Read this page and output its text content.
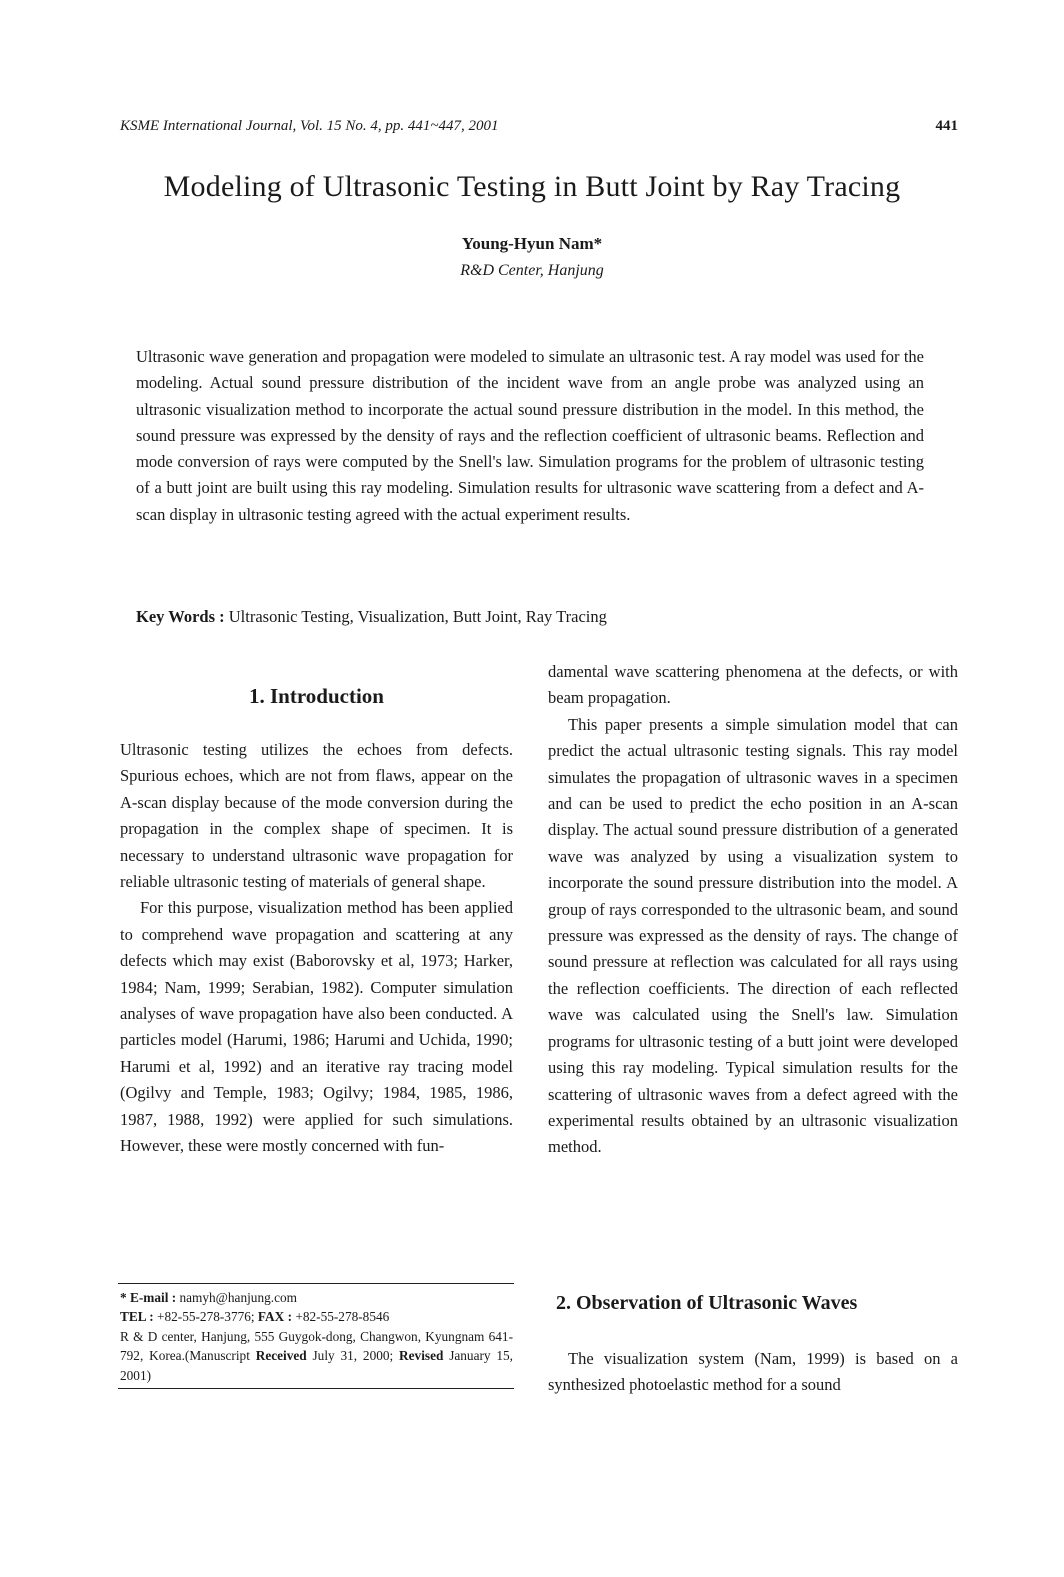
KSME International Journal, Vol. 15 No. 4, pp. 441~447, 2001	441
Modeling of Ultrasonic Testing in Butt Joint by Ray Tracing
Young-Hyun Nam*
R&D Center, Hanjung

Ultrasonic wave generation and propagation were modeled to simulate an ultrasonic test. A ray model was used for the modeling. Actual sound pressure distribution of the incident wave from an angle probe was analyzed using an ultrasonic visualization method to incorporate the actual sound pressure distribution in the model. In this method, the sound pressure was expressed by the density of rays and the reflection coefficient of ultrasonic beams. Reflection and mode conversion of rays were computed by the Snell's law. Simulation programs for the problem of ultrasonic testing of a butt joint are built using this ray modeling. Simulation results for ultrasonic wave scattering from a defect and A-scan display in ultrasonic testing agreed with the actual experiment results.

Key Words : Ultrasonic Testing, Visualization, Butt Joint, Ray Tracing
1. Introduction

Ultrasonic testing utilizes the echoes from defects. Spurious echoes, which are not from flaws, appear on the A-scan display because of the mode conversion during the propagation in the complex shape of specimen. It is necessary to understand ultrasonic wave propagation for reliable ultrasonic testing of materials of general shape.

For this purpose, visualization method has been applied to comprehend wave propagation and scattering at any defects which may exist (Baborovsky et al, 1973; Harker, 1984; Nam, 1999; Serabian, 1982). Computer simulation analyses of wave propagation have also been conducted. A particles model (Harumi, 1986; Harumi and Uchida, 1990; Harumi et al, 1992) and an iterative ray tracing model (Ogilvy and Temple, 1983; Ogilvy; 1984, 1985, 1986, 1987, 1988, 1992) were applied for such simulations. However, these were mostly concerned with fun-

damental wave scattering phenomena at the defects, or with beam propagation.

This paper presents a simple simulation model that can predict the actual ultrasonic testing signals. This ray model simulates the propagation of ultrasonic waves in a specimen and can be used to predict the echo position in an A-scan display. The actual sound pressure distribution of a generated wave was analyzed by using a visualization system to incorporate the sound pressure distribution into the model. A group of rays corresponded to the ultrasonic beam, and sound pressure was expressed as the density of rays. The change of sound pressure at reflection was calculated for all rays using the reflection coefficients. The direction of each reflected wave was calculated using the Snell's law. Simulation programs for ultrasonic testing of a butt joint were developed using this ray modeling. Typical simulation results for the scattering of ultrasonic waves from a defect agreed with the experimental results obtained by an ultrasonic visualization method.

* E-mail : namyh@hanjung.com

TEL : +82-55-278-3776; FAX : +82-55-278-8546

R & D center, Hanjung, 555 Guygok-dong, Changwon, Kyungnam 641-792, Korea.(Manuscript Received July 31, 2000; Revised January 15, 2001)

2. Observation of Ultrasonic Waves

The visualization system (Nam, 1999) is based on a synthesized photoelastic method for a sound
